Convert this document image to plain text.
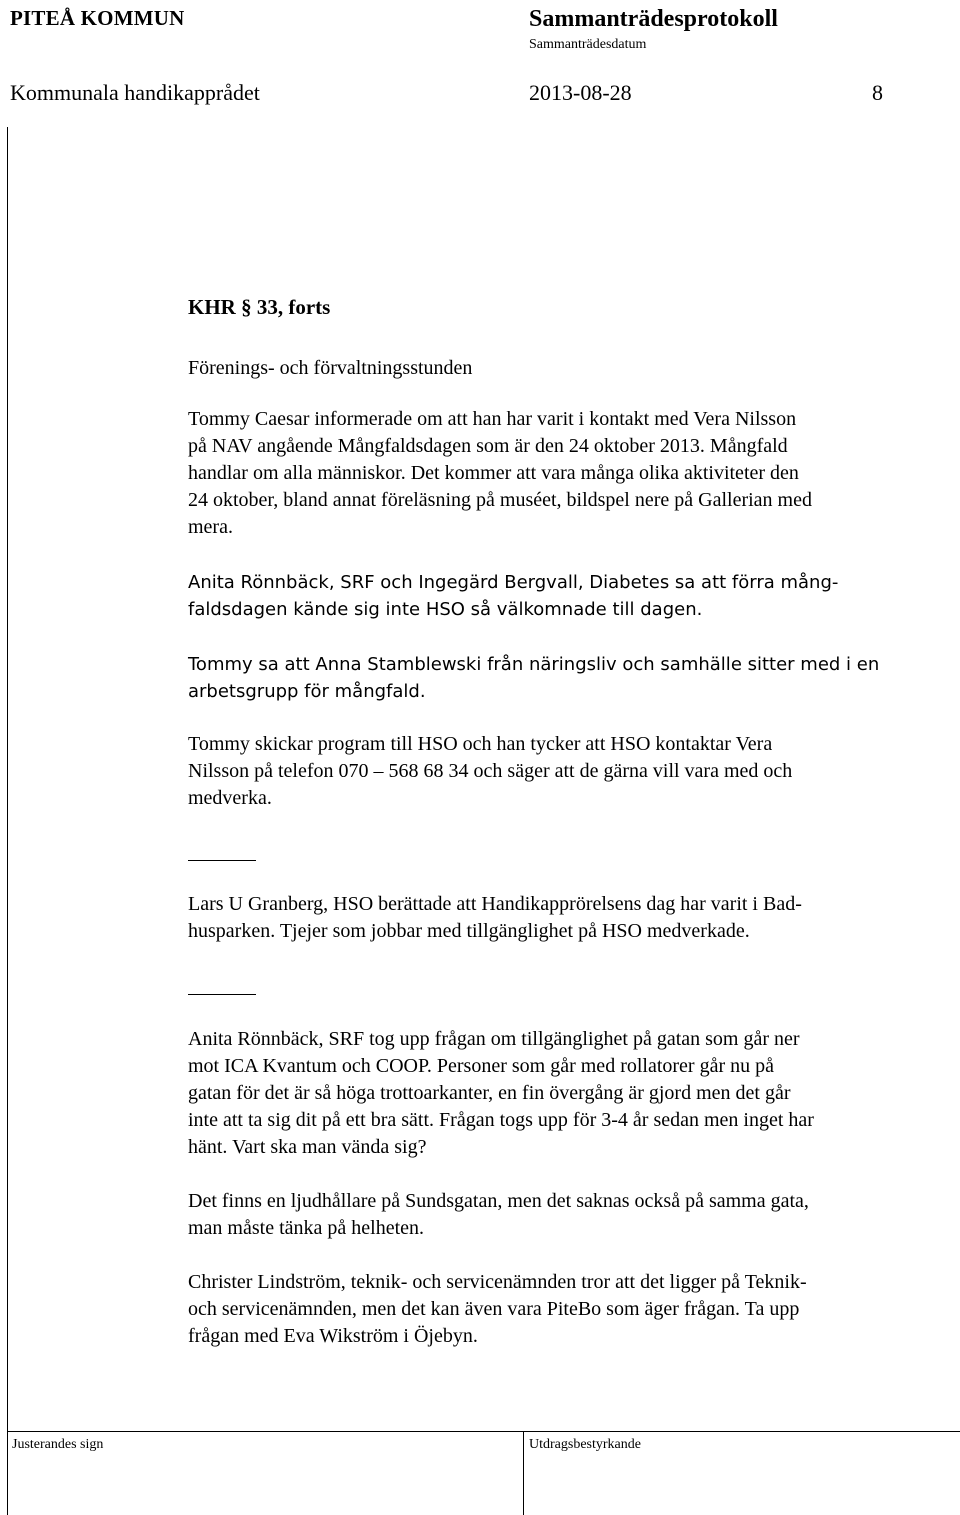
PITEÅ KOMMUN	Sammanträdesprotokoll
Sammanträdesdatum
Kommunala handikapprådet	2013-08-28	8
KHR § 33, forts
Förenings- och förvaltningsstunden
Tommy Caesar informerade om att han har varit i kontakt med Vera Nilsson
på NAV angående Mångfaldsdagen som är den 24 oktober 2013. Mångfald
handlar om alla människor. Det kommer att vara många olika aktiviteter den
24 oktober, bland annat föreläsning på muséet, bildspel nere på Gallerian med
mera.
Anita Rönnbäck, SRF och Ingegärd Bergvall, Diabetes sa att förra mång-
faldsdagen kände sig inte HSO så välkomnade till dagen.
Tommy sa att Anna Stamblewski från näringsliv och samhälle sitter med i en
arbetsgrupp för mångfald.
Tommy skickar program till HSO och han tycker att HSO kontaktar Vera
Nilsson på telefon 070 – 568 68 34 och säger att de gärna vill vara med och
medverka.
Lars U Granberg, HSO berättade att Handikapprörelsens dag har varit i Bad-
husparken. Tjejer som jobbar med tillgänglighet på HSO medverkade.
Anita Rönnbäck, SRF tog upp frågan om tillgänglighet på gatan som går ner
mot ICA Kvantum och COOP. Personer som går med rollatorer går nu på
gatan för det är så höga trottoarkanter, en fin övergång är gjord men det går
inte att ta sig dit på ett bra sätt. Frågan togs upp för 3-4 år sedan men inget har
hänt. Vart ska man vända sig?
Det finns en ljudhållare på Sundsgatan, men det saknas också på samma gata,
man måste tänka på helheten.
Christer Lindström, teknik- och servicenämnden tror att det ligger på Teknik-
och servicenämnden, men det kan även vara PiteBo som äger frågan. Ta upp
frågan med Eva Wikström i Öjebyn.
Justerandes sign	Utdragsbestyrkande
